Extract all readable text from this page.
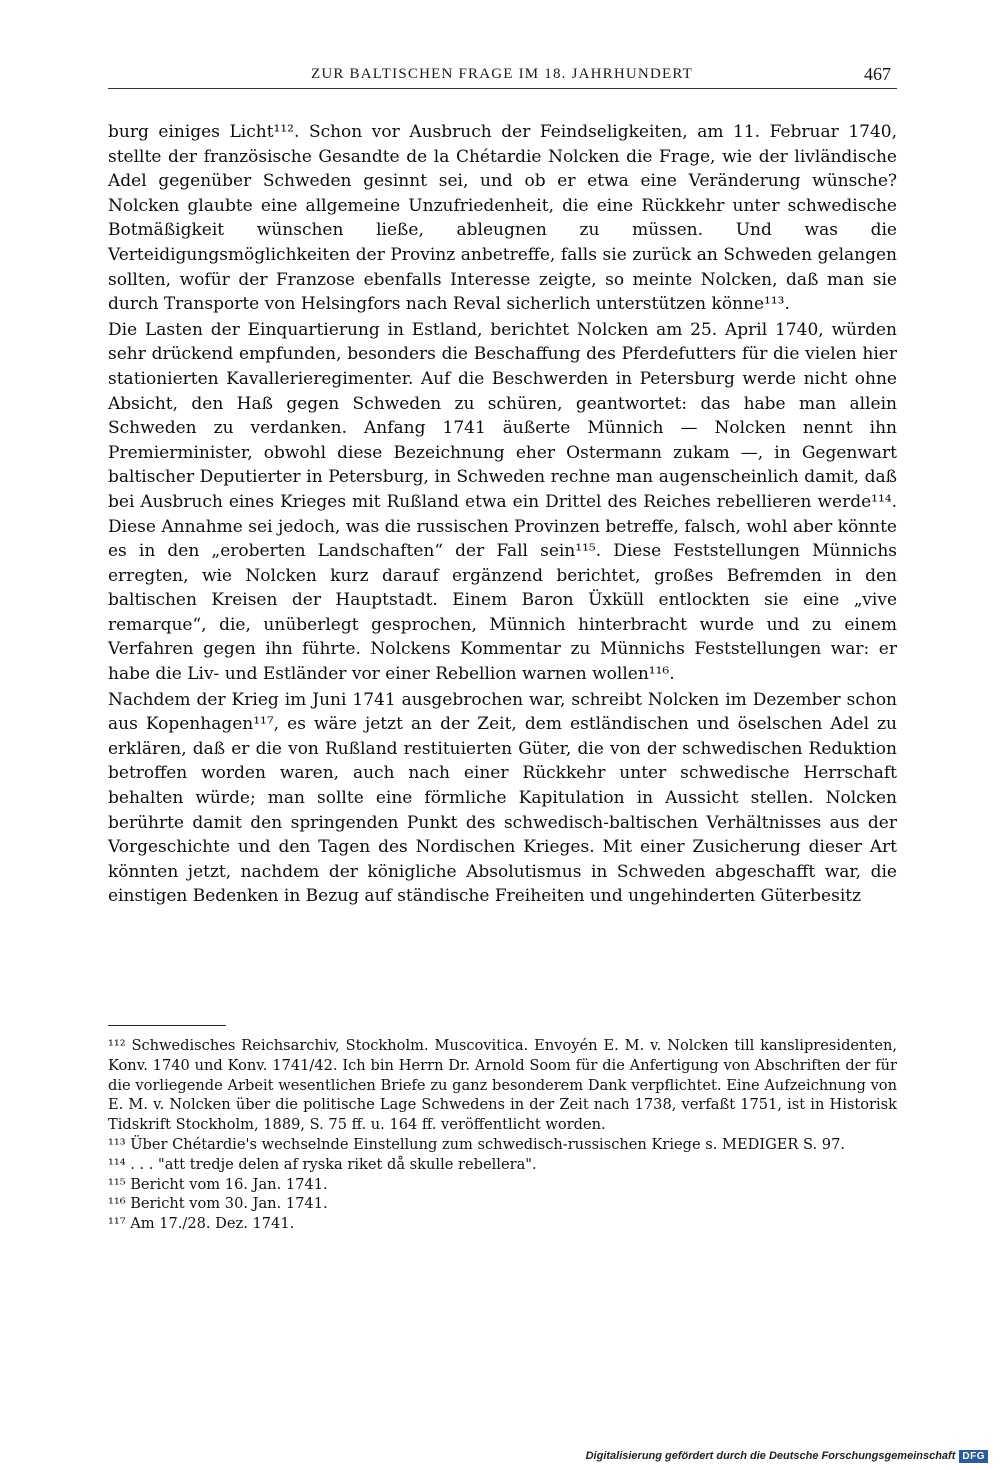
ZUR BALTISCHEN FRAGE IM 18. JAHRHUNDERT	467

burg einiges Licht¹¹². Schon vor Ausbruch der Feindseligkeiten, am 11. Februar 1740, stellte der französische Gesandte de la Chétardie Nolcken die Frage, wie der livländische Adel gegenüber Schweden gesinnt sei, und ob er etwa eine Veränderung wünsche? Nolcken glaubte eine allgemeine Unzufriedenheit, die eine Rückkehr unter schwedische Botmäßigkeit wünschen ließe, ableugnen zu müssen. Und was die Verteidigungsmöglichkeiten der Provinz anbetreffe, falls sie zurück an Schweden gelangen sollten, wofür der Franzose ebenfalls Interesse zeigte, so meinte Nolcken, daß man sie durch Transporte von Helsingfors nach Reval sicherlich unterstützen könne¹¹³.

Die Lasten der Einquartierung in Estland, berichtet Nolcken am 25. April 1740, würden sehr drückend empfunden, besonders die Beschaffung des Pferdefutters für die vielen hier stationierten Kavallerieregimenter. Auf die Beschwerden in Petersburg werde nicht ohne Absicht, den Haß gegen Schweden zu schüren, geantwortet: das habe man allein Schweden zu verdanken. Anfang 1741 äußerte Münnich — Nolcken nennt ihn Premierminister, obwohl diese Bezeichnung eher Ostermann zukam —, in Gegenwart baltischer Deputierter in Petersburg, in Schweden rechne man augenscheinlich damit, daß bei Ausbruch eines Krieges mit Rußland etwa ein Drittel des Reiches rebellieren werde¹¹⁴. Diese Annahme sei jedoch, was die russischen Provinzen betreffe, falsch, wohl aber könnte es in den „eroberten Landschaften“ der Fall sein¹¹⁵. Diese Feststellungen Münnichs erregten, wie Nolcken kurz darauf ergänzend berichtet, großes Befremden in den baltischen Kreisen der Hauptstadt. Einem Baron Üxküll entlockten sie eine „vive remarque“, die, unüberlegt gesprochen, Münnich hinterbracht wurde und zu einem Verfahren gegen ihn führte. Nolckens Kommentar zu Münnichs Feststellungen war: er habe die Liv- und Estländer vor einer Rebellion warnen wollen¹¹⁶.

Nachdem der Krieg im Juni 1741 ausgebrochen war, schreibt Nolcken im Dezember schon aus Kopenhagen¹¹⁷, es wäre jetzt an der Zeit, dem estländischen und öselschen Adel zu erklären, daß er die von Rußland restituierten Güter, die von der schwedischen Reduktion betroffen worden waren, auch nach einer Rückkehr unter schwedische Herrschaft behalten würde; man sollte eine förmliche Kapitulation in Aussicht stellen. Nolcken berührte damit den springenden Punkt des schwedisch-baltischen Verhältnisses aus der Vorgeschichte und den Tagen des Nordischen Krieges. Mit einer Zusicherung dieser Art könnten jetzt, nachdem der königliche Absolutismus in Schweden abgeschafft war, die einstigen Bedenken in Bezug auf ständische Freiheiten und ungehinderten Güterbesitz

¹¹² Schwedisches Reichsarchiv, Stockholm. Muscovitica. Envoyén E. M. v. Nolcken till kanslipresidenten, Konv. 1740 und Konv. 1741/42. Ich bin Herrn Dr. Arnold Soom für die Anfertigung von Abschriften der für die vorliegende Arbeit wesentlichen Briefe zu ganz besonderem Dank verpflichtet. Eine Aufzeichnung von E. M. v. Nolcken über die politische Lage Schwedens in der Zeit nach 1738, verfaßt 1751, ist in Historisk Tidskrift Stockholm, 1889, S. 75 ff. u. 164 ff. veröffentlicht worden.

¹¹³ Über Chétardie's wechselnde Einstellung zum schwedisch-russischen Kriege s. MEDIGER S. 97.

¹¹⁴ . . . "att tredje delen af ryska riket då skulle rebellera".

¹¹⁵ Bericht vom 16. Jan. 1741.

¹¹⁶ Bericht vom 30. Jan. 1741.

¹¹⁷ Am 17./28. Dez. 1741.

Digitalisierung gefördert durch die Deutsche Forschungsgemeinschaft DFG
